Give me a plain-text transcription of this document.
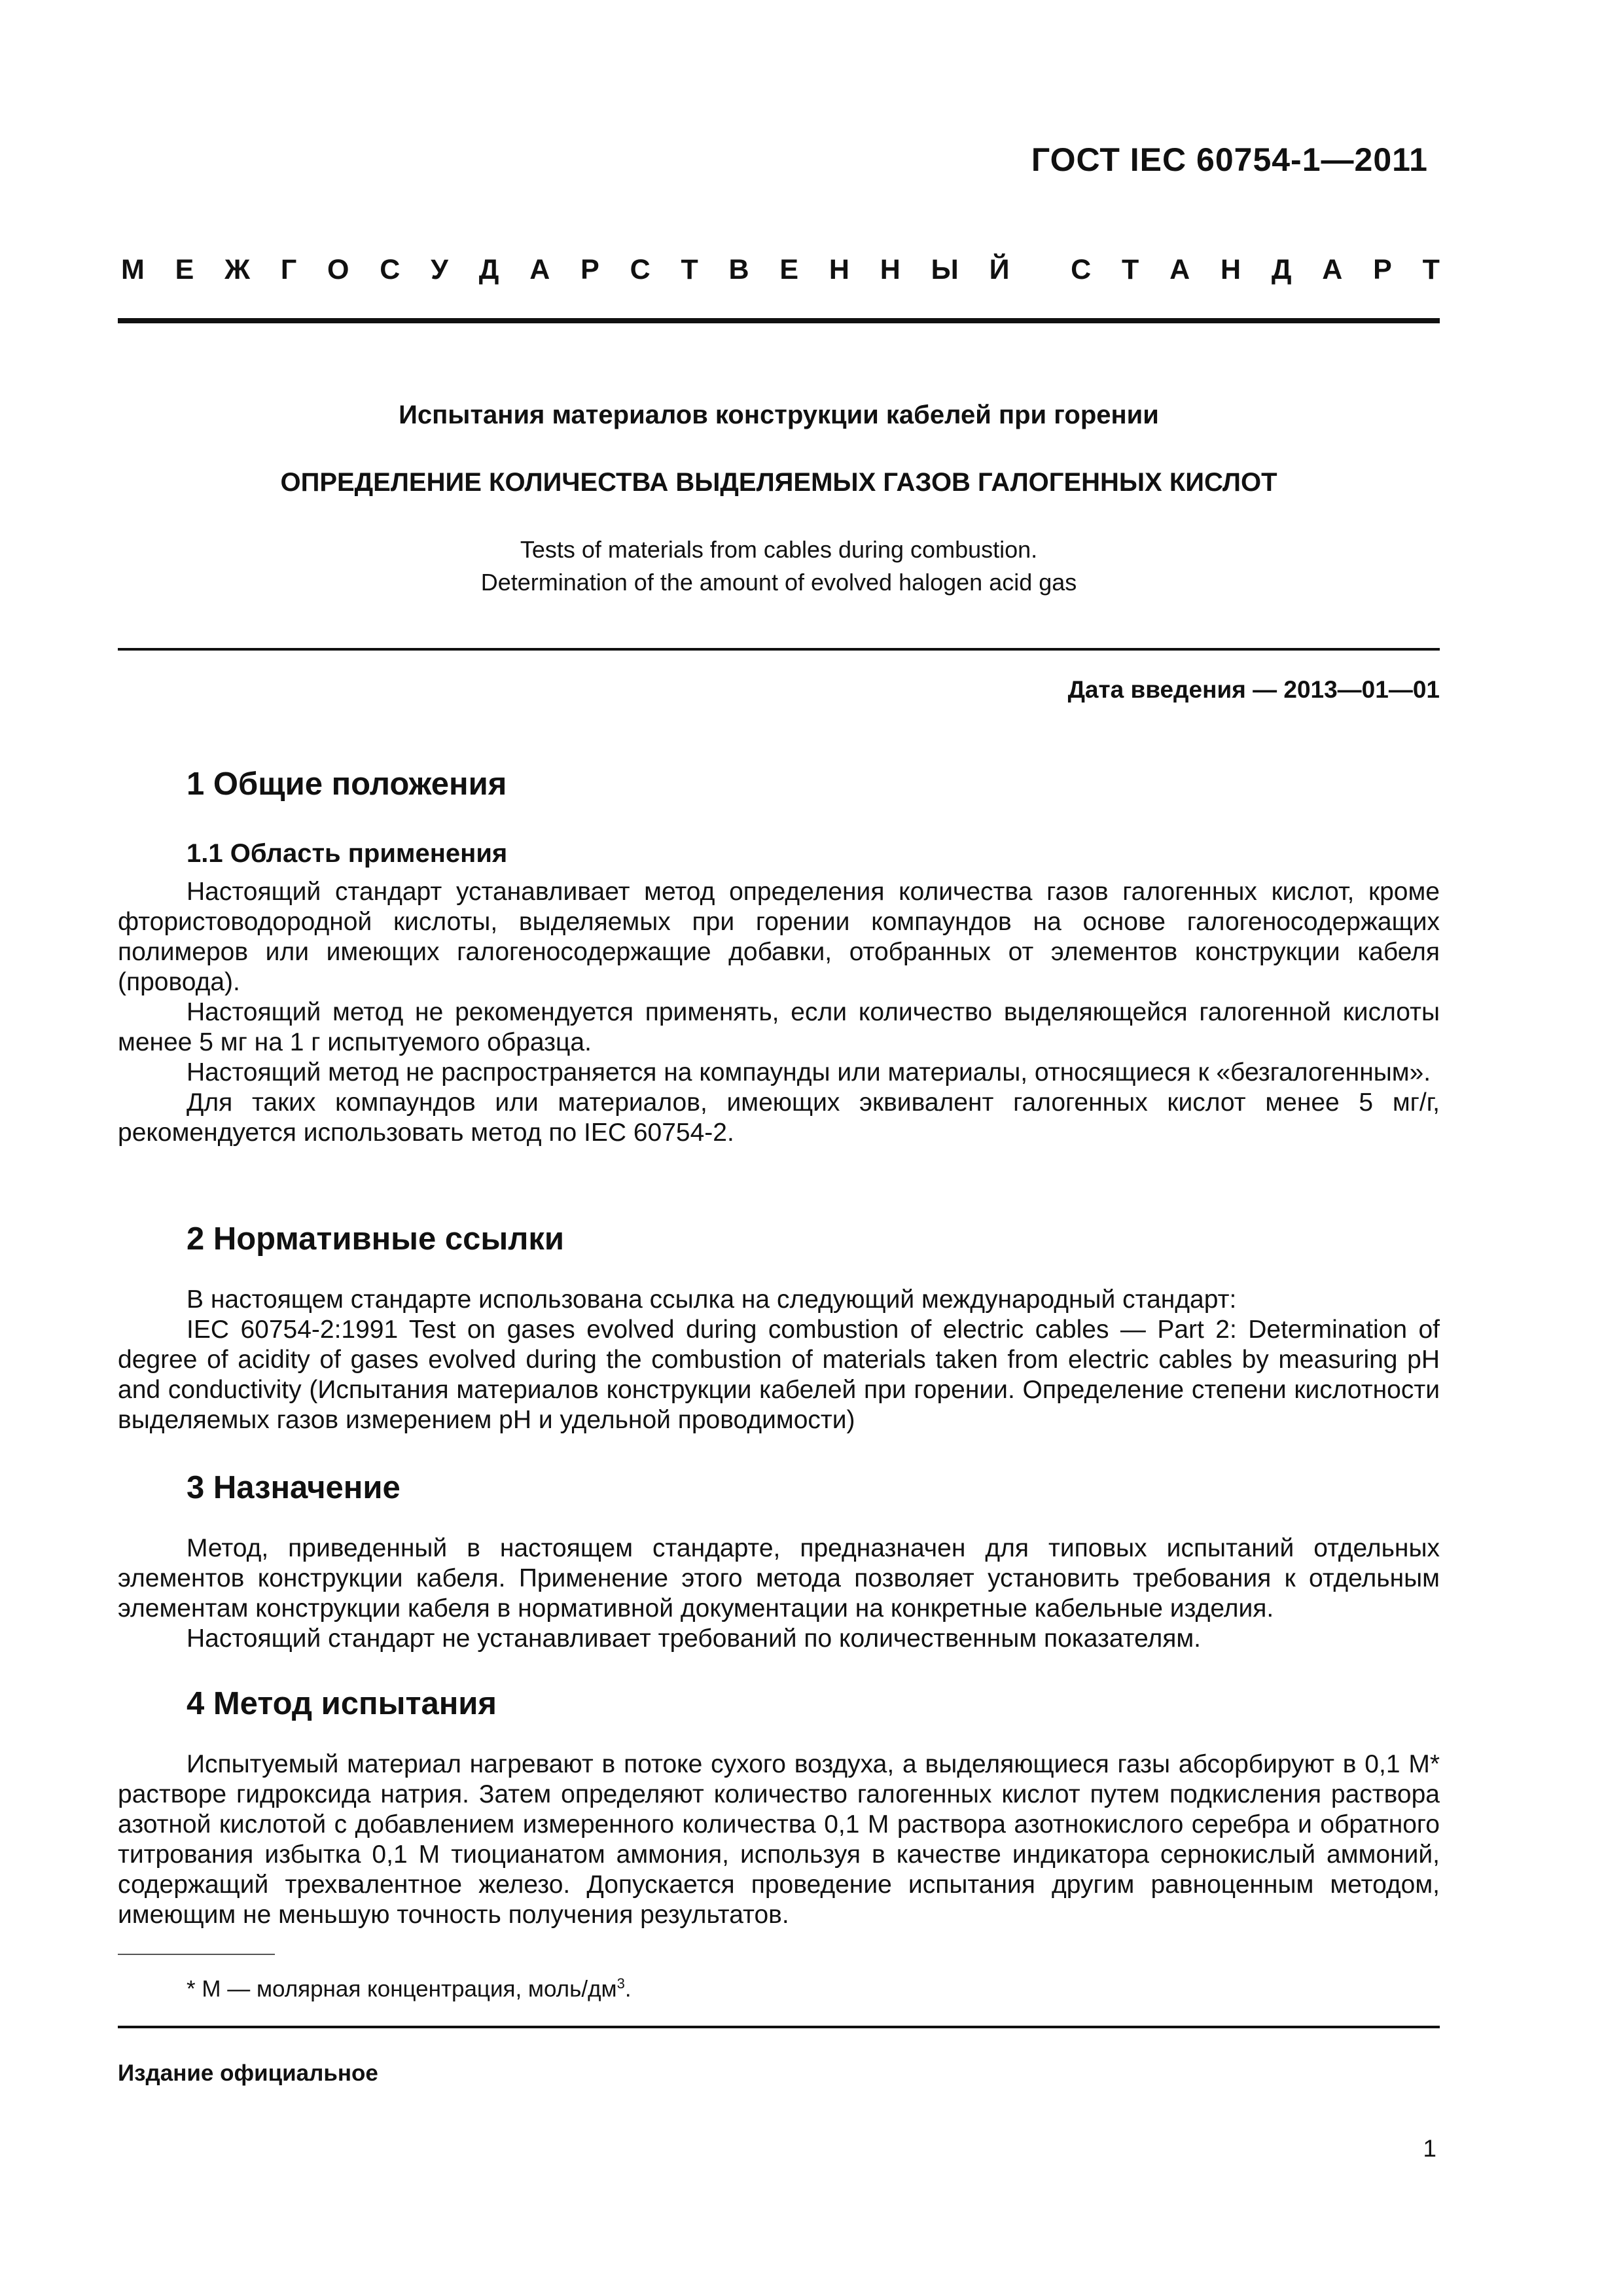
ГОСТ IEC 60754-1—2011
М Е Ж Г О С У Д А Р С Т В Е Н Н Ы Й С Т А Н Д А Р Т
Испытания материалов конструкции кабелей при горении
ОПРЕДЕЛЕНИЕ КОЛИЧЕСТВА ВЫДЕЛЯЕМЫХ ГАЗОВ ГАЛОГЕННЫХ КИСЛОТ
Tests of materials from cables during combustion.
Determination of the amount of evolved halogen acid gas
Дата введения — 2013—01—01
1 Общие положения
1.1 Область применения

Настоящий стандарт устанавливает метод определения количества газов галогенных кислот, кроме фтористоводородной кислоты, выделяемых при горении компаундов на основе галогеносодержащих полимеров или имеющих галогеносодержащие добавки, отобранных от элементов конструкции кабеля (провода).

Настоящий метод не рекомендуется применять, если количество выделяющейся галогенной кислоты менее 5 мг на 1 г испытуемого образца.

Настоящий метод не распространяется на компаунды или материалы, относящиеся к «безгалогенным».

Для таких компаундов или материалов, имеющих эквивалент галогенных кислот менее 5 мг/г, рекомендуется использовать метод по IEC 60754-2.

2 Нормативные ссылки

В настоящем стандарте использована ссылка на следующий международный стандарт:

IEC 60754-2:1991 Test on gases evolved during combustion of electric cables — Part 2: Determination of degree of acidity of gases evolved during the combustion of materials taken from electric cables by measuring pH and conductivity (Испытания материалов конструкции кабелей при горении. Определение степени кислотности выделяемых газов измерением pH и удельной проводимости)

3 Назначение

Метод, приведенный в настоящем стандарте, предназначен для типовых испытаний отдельных элементов конструкции кабеля. Применение этого метода позволяет установить требования к отдельным элементам конструкции кабеля в нормативной документации на конкретные кабельные изделия.

Настоящий стандарт не устанавливает требований по количественным показателям.

4 Метод испытания

Испытуемый материал нагревают в потоке сухого воздуха, а выделяющиеся газы абсорбируют в 0,1 М* растворе гидроксида натрия. Затем определяют количество галогенных кислот путем подкисления раствора азотной кислотой с добавлением измеренного количества 0,1 М раствора азотнокислого серебра и обратного титрования избытка 0,1 М тиоцианатом аммония, используя в качестве индикатора сернокислый аммоний, содержащий трехвалентное железо. Допускается проведение испытания другим равноценным методом, имеющим не меньшую точность получения результатов.

* М — молярная концентрация, моль/$дм^3$.
Издание официальное
1
